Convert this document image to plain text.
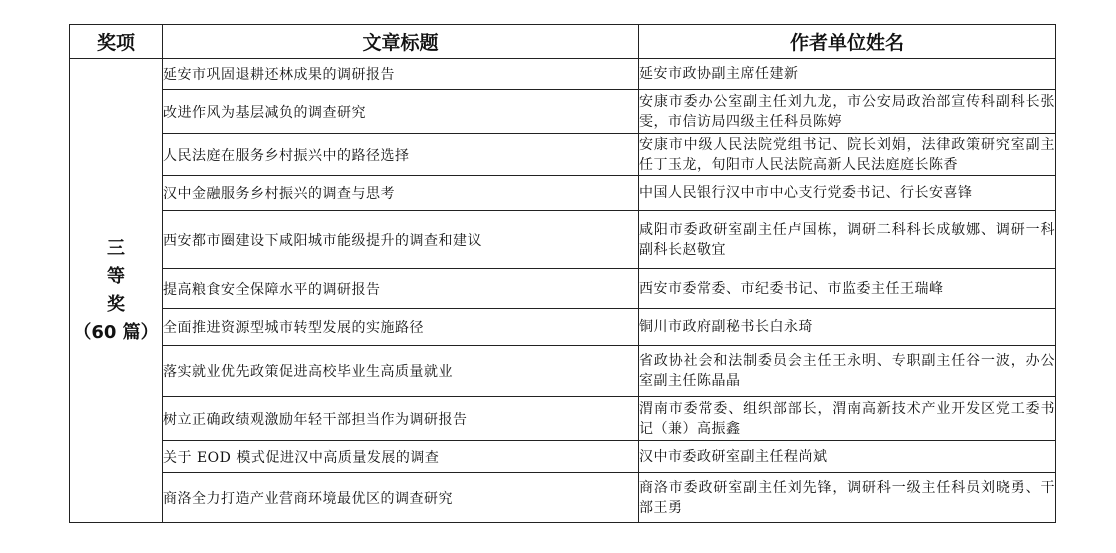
奖项	文章标题	作者单位姓名

三
等
奖
（60 篇）	延安市巩固退耕还林成果的调研报告	延安市政协副主席任建新
	改进作风为基层减负的调查研究	安康市委办公室副主任刘九龙，市公安局政治部宣传科副科长张雯，市信访局四级主任科员陈婷
	人民法庭在服务乡村振兴中的路径选择	安康市中级人民法院党组书记、院长刘娟，法律政策研究室副主任丁玉龙，旬阳市人民法院高新人民法庭庭长陈香
	汉中金融服务乡村振兴的调查与思考	中国人民银行汉中市中心支行党委书记、行长安喜锋
	西安都市圈建设下咸阳城市能级提升的调查和建议	咸阳市委政研室副主任卢国栋，调研二科科长成敏娜、调研一科副科长赵敬宜
	提高粮食安全保障水平的调研报告	西安市委常委、市纪委书记、市监委主任王瑞峰
	全面推进资源型城市转型发展的实施路径	铜川市政府副秘书长白永琦
	落实就业优先政策促进高校毕业生高质量就业	省政协社会和法制委员会主任王永明、专职副主任谷一波，办公室副主任陈晶晶
	树立正确政绩观激励年轻干部担当作为调研报告	渭南市委常委、组织部部长，渭南高新技术产业开发区党工委书记（兼）高振鑫
	关于 EOD 模式促进汉中高质量发展的调查	汉中市委政研室副主任程尚斌
	商洛全力打造产业营商环境最优区的调查研究	商洛市委政研室副主任刘先锋，调研科一级主任科员刘晓勇、干部王勇
